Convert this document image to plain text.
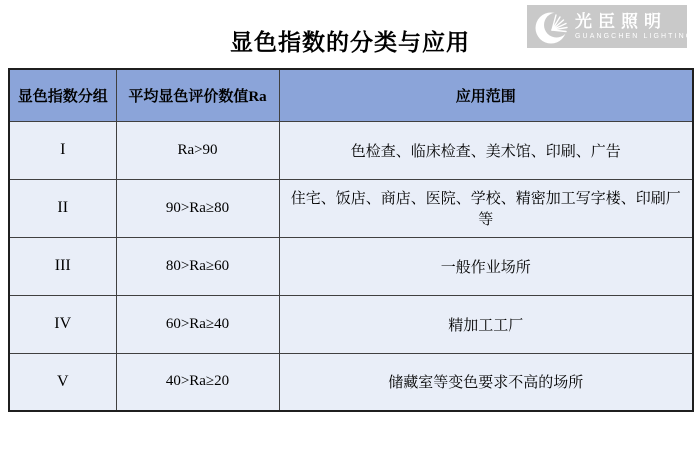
显色指数的分类与应用
光臣照明
GUANGCHEN LIGHTING
显色指数分组	平均显色评价数值Ra	应用范围
I	Ra>90	色检查、临床检查、美术馆、印刷、广告
II	90>Ra≥80	住宅、饭店、商店、医院、学校、精密加工写字楼、印刷厂等
III	80>Ra≥60	一般作业场所
IV	60>Ra≥40	精加工工厂
V	40>Ra≥20	储藏室等变色要求不高的场所
